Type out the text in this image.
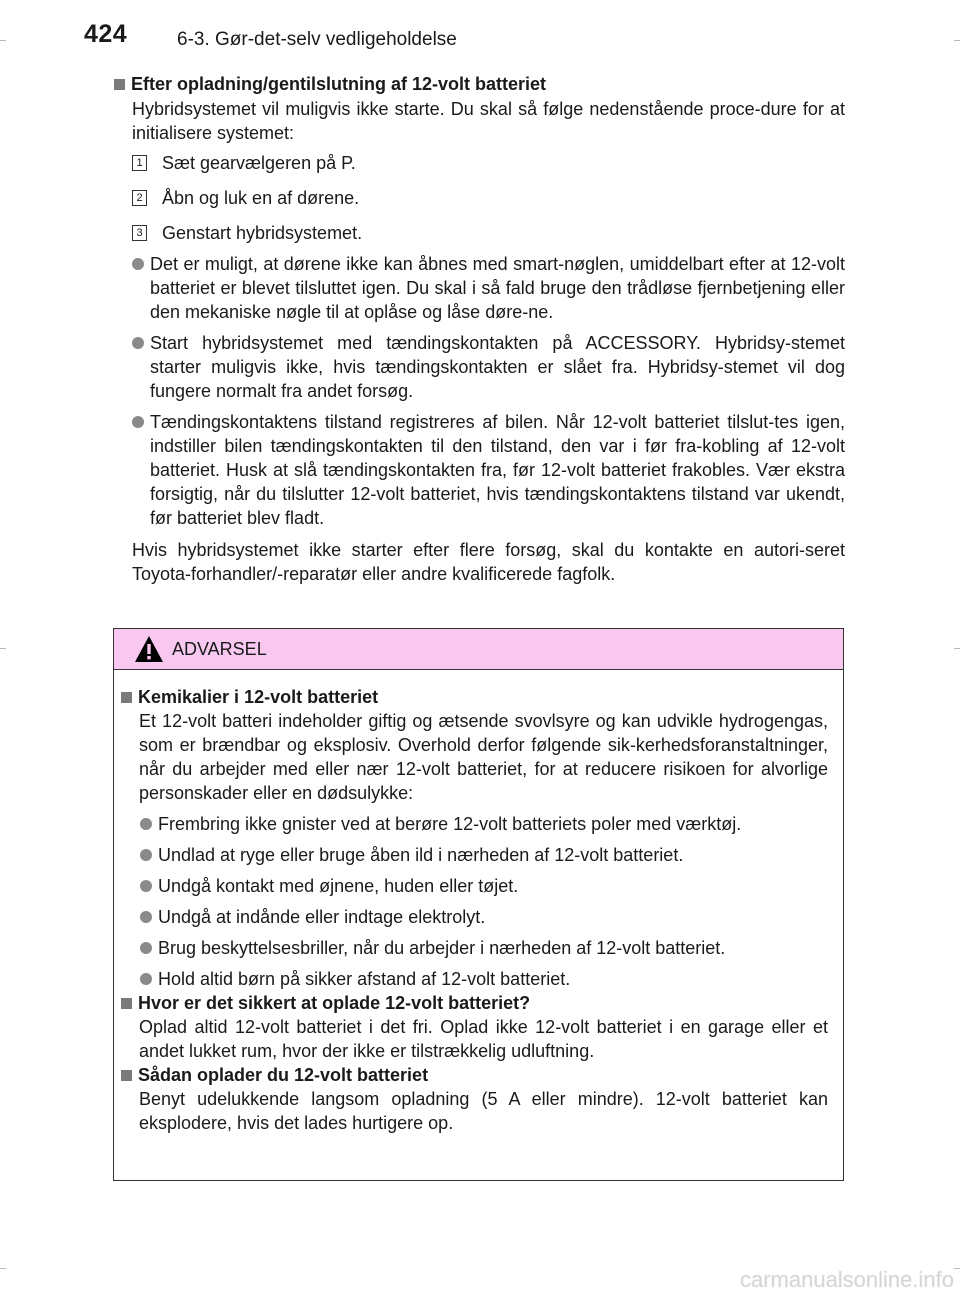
424	6-3. Gør-det-selv vedligeholdelse
Efter opladning/gentilslutning af 12-volt batteriet
Hybridsystemet vil muligvis ikke starte. Du skal så følge nedenstående proce-dure for at initialisere systemet:
1 Sæt gearvælgeren på P.
2 Åbn og luk en af dørene.
3 Genstart hybridsystemet.
Det er muligt, at dørene ikke kan åbnes med smart-nøglen, umiddelbart efter at 12-volt batteriet er blevet tilsluttet igen. Du skal i så fald bruge den trådløse fjernbetjening eller den mekaniske nøgle til at oplåse og låse døre-ne.
Start hybridsystemet med tændingskontakten på ACCESSORY. Hybridsy-stemet starter muligvis ikke, hvis tændingskontakten er slået fra. Hybridsy-stemet vil dog fungere normalt fra andet forsøg.
Tændingskontaktens tilstand registreres af bilen. Når 12-volt batteriet tilslut-tes igen, indstiller bilen tændingskontakten til den tilstand, den var i før fra-kobling af 12-volt batteriet. Husk at slå tændingskontakten fra, før 12-volt batteriet frakobles. Vær ekstra forsigtig, når du tilslutter 12-volt batteriet, hvis tændingskontaktens tilstand var ukendt, før batteriet blev fladt.
Hvis hybridsystemet ikke starter efter flere forsøg, skal du kontakte en autori-seret Toyota-forhandler/-reparatør eller andre kvalificerede fagfolk.
ADVARSEL
Kemikalier i 12-volt batteriet
Et 12-volt batteri indeholder giftig og ætsende svovlsyre og kan udvikle hydrogengas, som er brændbar og eksplosiv. Overhold derfor følgende sik-kerhedsforanstaltninger, når du arbejder med eller nær 12-volt batteriet, for at reducere risikoen for alvorlige personskader eller en dødsulykke:
Frembring ikke gnister ved at berøre 12-volt batteriets poler med værktøj.
Undlad at ryge eller bruge åben ild i nærheden af 12-volt batteriet.
Undgå kontakt med øjnene, huden eller tøjet.
Undgå at indånde eller indtage elektrolyt.
Brug beskyttelsesbriller, når du arbejder i nærheden af 12-volt batteriet.
Hold altid børn på sikker afstand af 12-volt batteriet.
Hvor er det sikkert at oplade 12-volt batteriet?
Oplad altid 12-volt batteriet i det fri. Oplad ikke 12-volt batteriet i en garage eller et andet lukket rum, hvor der ikke er tilstrækkelig udluftning.
Sådan oplader du 12-volt batteriet
Benyt udelukkende langsom opladning (5 A eller mindre). 12-volt batteriet kan eksplodere, hvis det lades hurtigere op.
carmanualsonline.info
